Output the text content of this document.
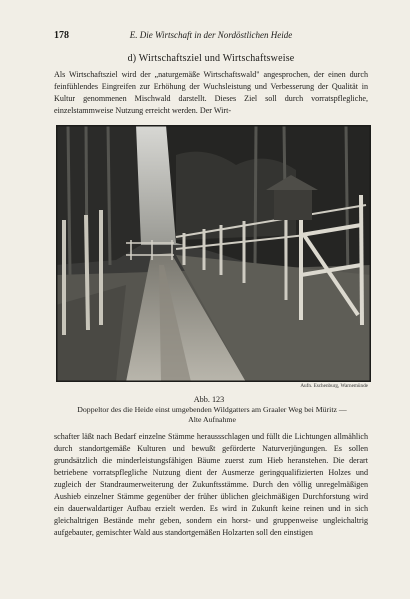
178	E. Die Wirtschaft in der Nordöstlichen Heide
d) Wirtschaftsziel und Wirtschaftsweise

Als Wirtschaftsziel wird der „naturgemäße Wirtschaftswald" angesprochen, der einen durch feinfühlendes Eingreifen zur Erhöhung der Wuchsleistung und Verbesserung der Qualität in Kultur genommenen Mischwald darstellt. Dieses Ziel soll durch vorratspflegliche, einzelstammweise Nutzung erreicht werden. Der Wirt-

Aufn. Eschenburg, Warnemünde
Abb. 123
Doppeltor des die Heide einst umgebenden Wildgatters am Graaler Weg bei Müritz —
Alte Aufnahme

schafter läßt nach Bedarf einzelne Stämme heraussschlagen und füllt die Lichtungen allmählich durch standortgemäße Kulturen und bewußt geförderte Naturverjüngungen. Es sollen grundsätzlich die minderleistungsfähigen Bäume zuerst zum Hieb heranstehen. Die derart betriebene vorratspflegliche Nutzung dient der Ausmerze geringqualifizierten Holzes und zugleich der Standraumerweiterung der Zukunftsstämme. Durch den völlig unregelmäßigen Aushieb einzelner Stämme gegenüber der früher üblichen gleichmäßigen Durchforstung wird ein dauerwaldartiger Aufbau erzielt werden. Es wird in Zukunft keine reinen und in sich gleichaltrigen Bestände mehr geben, sondern ein horst- und gruppenweise ungleichaltrig aufgebauter, gemischter Wald aus standortgemäßen Holzarten soll den einstigen
